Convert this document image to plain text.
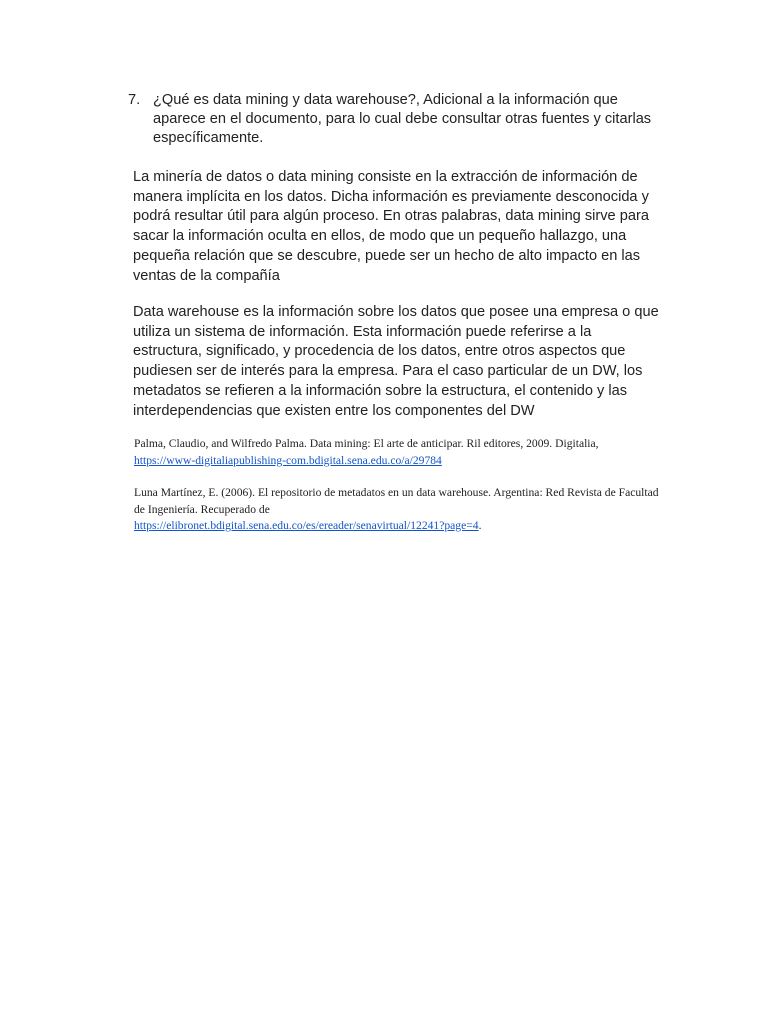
7. ¿Qué es data mining y data warehouse?, Adicional a la información que aparece en el documento, para lo cual debe consultar otras fuentes y citarlas específicamente.

La minería de datos o data mining consiste en la extracción de información de manera implícita en los datos. Dicha información es previamente desconocida y podrá resultar útil para algún proceso. En otras palabras, data mining sirve para sacar la información oculta en ellos, de modo que un pequeño hallazgo, una pequeña relación que se descubre, puede ser un hecho de alto impacto en las ventas de la compañía

Data warehouse es la información sobre los datos que posee una empresa o que utiliza un sistema de información. Esta información puede referirse a la estructura, significado, y procedencia de los datos, entre otros aspectos que pudiesen ser de interés para la empresa. Para el caso particular de un DW, los metadatos se refieren a la información sobre la estructura, el contenido y las interdependencias que existen entre los componentes del DW

Palma, Claudio, and Wilfredo Palma. Data mining: El arte de anticipar. Ril editores, 2009. Digitalia,
https://www-digitaliapublishing-com.bdigital.sena.edu.co/a/29784

Luna Martínez, E. (2006). El repositorio de metadatos en un data warehouse. Argentina: Red Revista de Facultad de Ingeniería. Recuperado de
https://elibronet.bdigital.sena.edu.co/es/ereader/senavirtual/12241?page=4.
